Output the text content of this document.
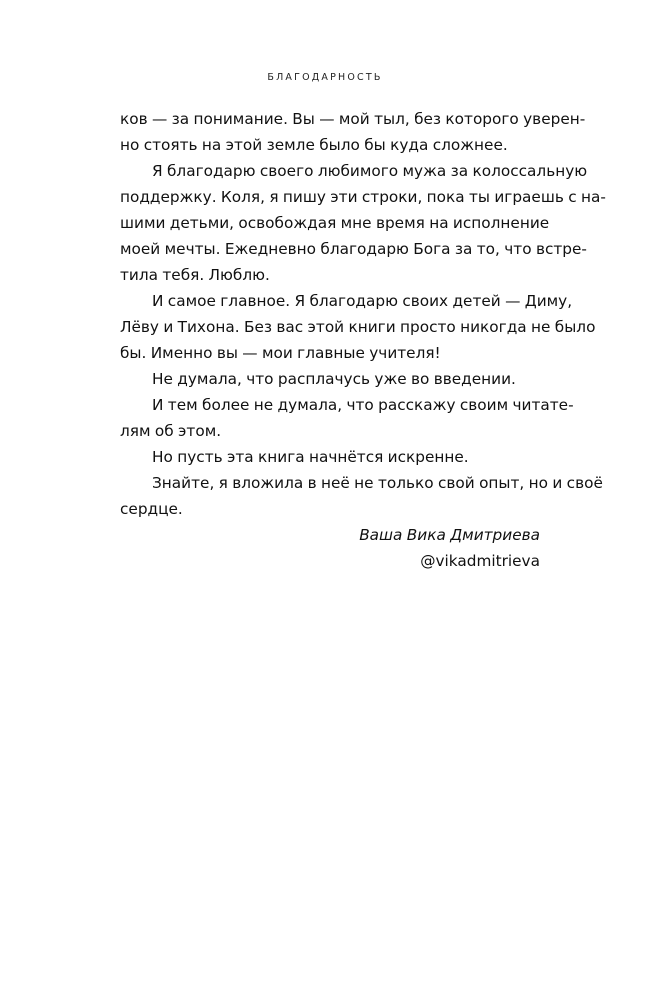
БЛАГОДАРНОСТЬ
ков — за понимание. Вы — мой тыл, без которого уверен-
но стоять на этой земле было бы куда сложнее.
Я благодарю своего любимого мужа за колоссальную
поддержку. Коля, я пишу эти строки, пока ты играешь с на-
шими детьми, освобождая мне время на исполнение
моей мечты. Ежедневно благодарю Бога за то, что встре-
тила тебя. Люблю.
И самое главное. Я благодарю своих детей — Диму,
Лёву и Тихона. Без вас этой книги просто никогда не было
бы. Именно вы — мои главные учителя!
Не думала, что расплачусь уже во введении.
И тем более не думала, что расскажу своим читате-
лям об этом.
Но пусть эта книга начнётся искренне.
Знайте, я вложила в неё не только свой опыт, но и своё
сердце.
Ваша Вика Дмитриева
@vikadmitrieva
